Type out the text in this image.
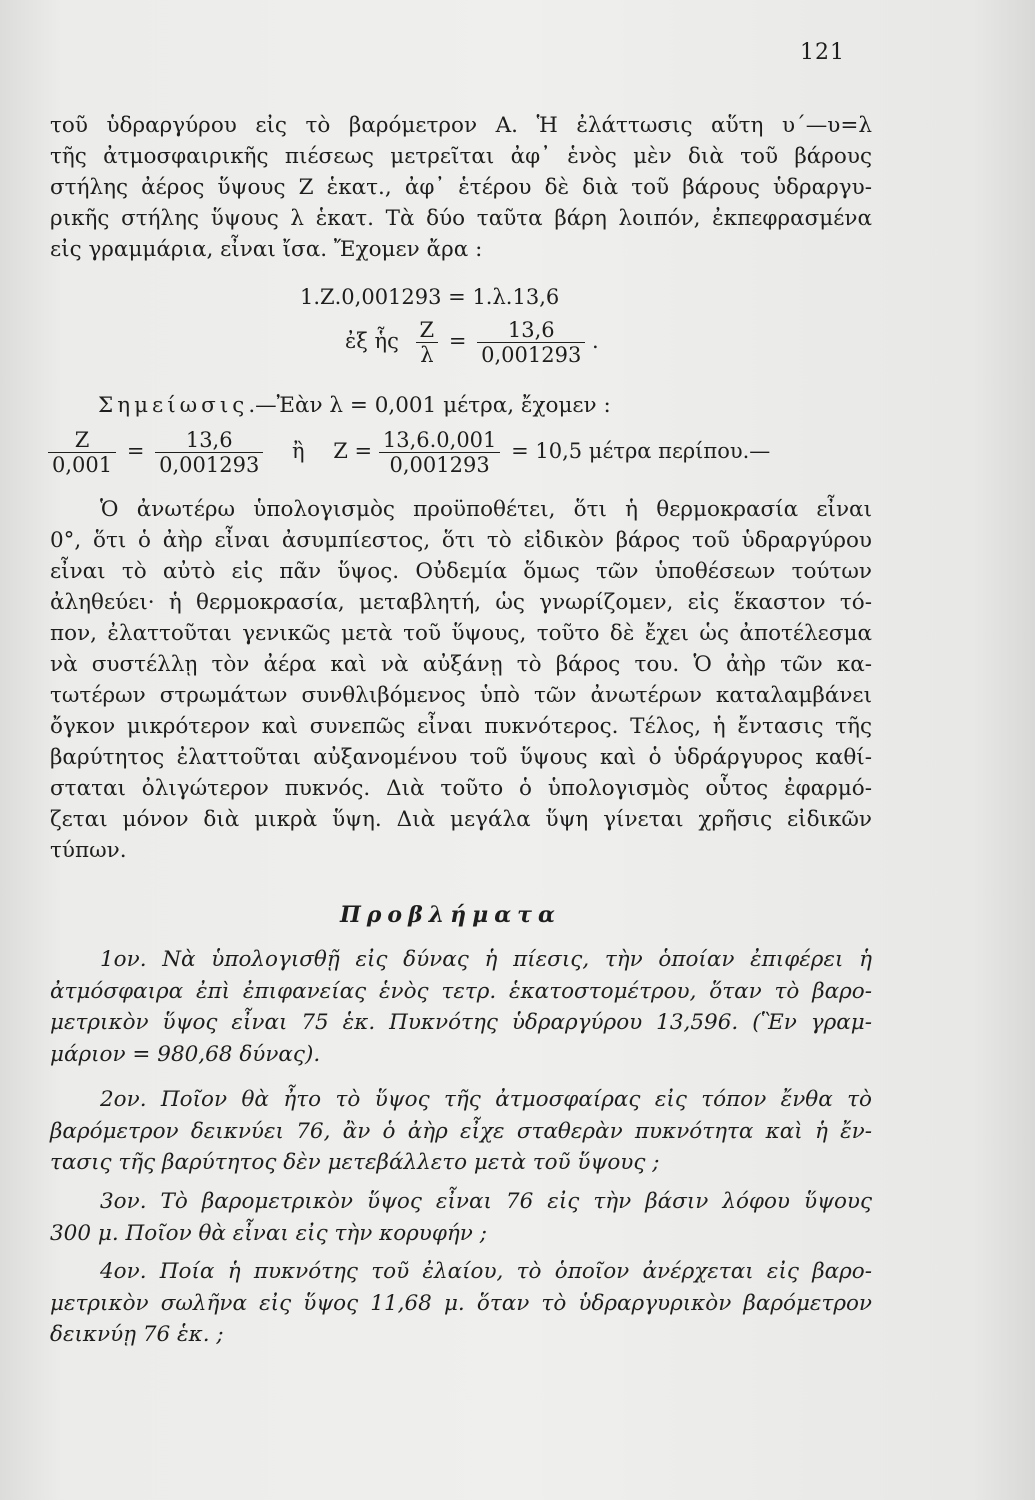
121
τοῦ ὑδραργύρου εἰς τὸ βαρόμετρον Α. Ἡ ἐλάττωσις αὕτη υ΄—υ=λ
τῆς ἀτμοσφαιρικῆς πιέσεως μετρεῖται ἀφ᾿ ἑνὸς μὲν διὰ τοῦ βάρους
στήλης ἀέρος ὕψους Ζ ἑκατ., ἀφ᾿ ἑτέρου δὲ διὰ τοῦ βάρους ὑδραργυ-
ρικῆς στήλης ὕψους λ ἑκατ. Τὰ δύο ταῦτα βάρη λοιπόν, ἐκπεφρασμένα
εἰς γραμμάρια, εἶναι ἴσα. Ἔχομεν ἄρα :
1.Ζ.0,001293 = 1.λ.13,6
ἐξ ἧς $\frac{Z}{\lambda} = \frac{13,6}{0,001293}$ .
Σημείωσις.—Ἐὰν λ = 0,001 μέτρα, ἔχομεν :
$\frac{Z}{0,001} = \frac{13,6}{0,001293}$ ἢ $Z = \frac{13,6.0,001}{0,001293} = 10,5$ μέτρα περίπου.—
Ὁ ἀνωτέρω ὑπολογισμὸς προϋποθέτει, ὅτι ἡ θερμοκρασία εἶναι
0°, ὅτι ὁ ἀὴρ εἶναι ἀσυμπίεστος, ὅτι τὸ εἰδικὸν βάρος τοῦ ὑδραργύρου
εἶναι τὸ αὐτὸ εἰς πᾶν ὕψος. Οὐδεμία ὅμως τῶν ὑποθέσεων τούτων
ἀληθεύει· ἡ θερμοκρασία, μεταβλητή, ὡς γνωρίζομεν, εἰς ἕκαστον τό-
πον, ἐλαττοῦται γενικῶς μετὰ τοῦ ὕψους, τοῦτο δὲ ἔχει ὡς ἀποτέλεσμα
νὰ συστέλλῃ τὸν ἀέρα καὶ νὰ αὐξάνῃ τὸ βάρος του. Ὁ ἀὴρ τῶν κα-
τωτέρων στρωμάτων συνθλιβόμενος ὑπὸ τῶν ἀνωτέρων καταλαμβάνει
ὄγκον μικρότερον καὶ συνεπῶς εἶναι πυκνότερος. Τέλος, ἡ ἔντασις τῆς
βαρύτητος ἐλαττοῦται αὐξανομένου τοῦ ὕψους καὶ ὁ ὑδράργυρος καθί-
σταται ὀλιγώτερον πυκνός. Διὰ τοῦτο ὁ ὑπολογισμὸς οὗτος ἐφαρμό-
ζεται μόνον διὰ μικρὰ ὕψη. Διὰ μεγάλα ὕψη γίνεται χρῆσις εἰδικῶν
τύπων.
Προβλήματα
1ον. Νὰ ὑπολογισθῇ εἰς δύνας ἡ πίεσις, τὴν ὁποίαν ἐπιφέρει ἡ
ἀτμόσφαιρα ἐπὶ ἐπιφανείας ἑνὸς τετρ. ἑκατοστομέτρου, ὅταν τὸ βαρο-
μετρικὸν ὕψος εἶναι 75 ἑκ. Πυκνότης ὑδραργύρου 13,596. (Ἓν γραμ-
μάριον = 980,68 δύνας).
2ον. Ποῖον θὰ ἦτο τὸ ὕψος τῆς ἀτμοσφαίρας εἰς τόπον ἔνθα τὸ
βαρόμετρον δεικνύει 76, ἂν ὁ ἀὴρ εἶχε σταθερὰν πυκνότητα καὶ ἡ ἔν-
τασις τῆς βαρύτητος δὲν μετεβάλλετο μετὰ τοῦ ὕψους ;
3ον. Τὸ βαρομετρικὸν ὕψος εἶναι 76 εἰς τὴν βάσιν λόφου ὕψους
300 μ. Ποῖον θὰ εἶναι εἰς τὴν κορυφήν ;
4ον. Ποία ἡ πυκνότης τοῦ ἐλαίου, τὸ ὁποῖον ἀνέρχεται εἰς βαρο-
μετρικὸν σωλῆνα εἰς ὕψος 11,68 μ. ὅταν τὸ ὑδραργυρικὸν βαρόμετρον
δεικνύῃ 76 ἑκ. ;
